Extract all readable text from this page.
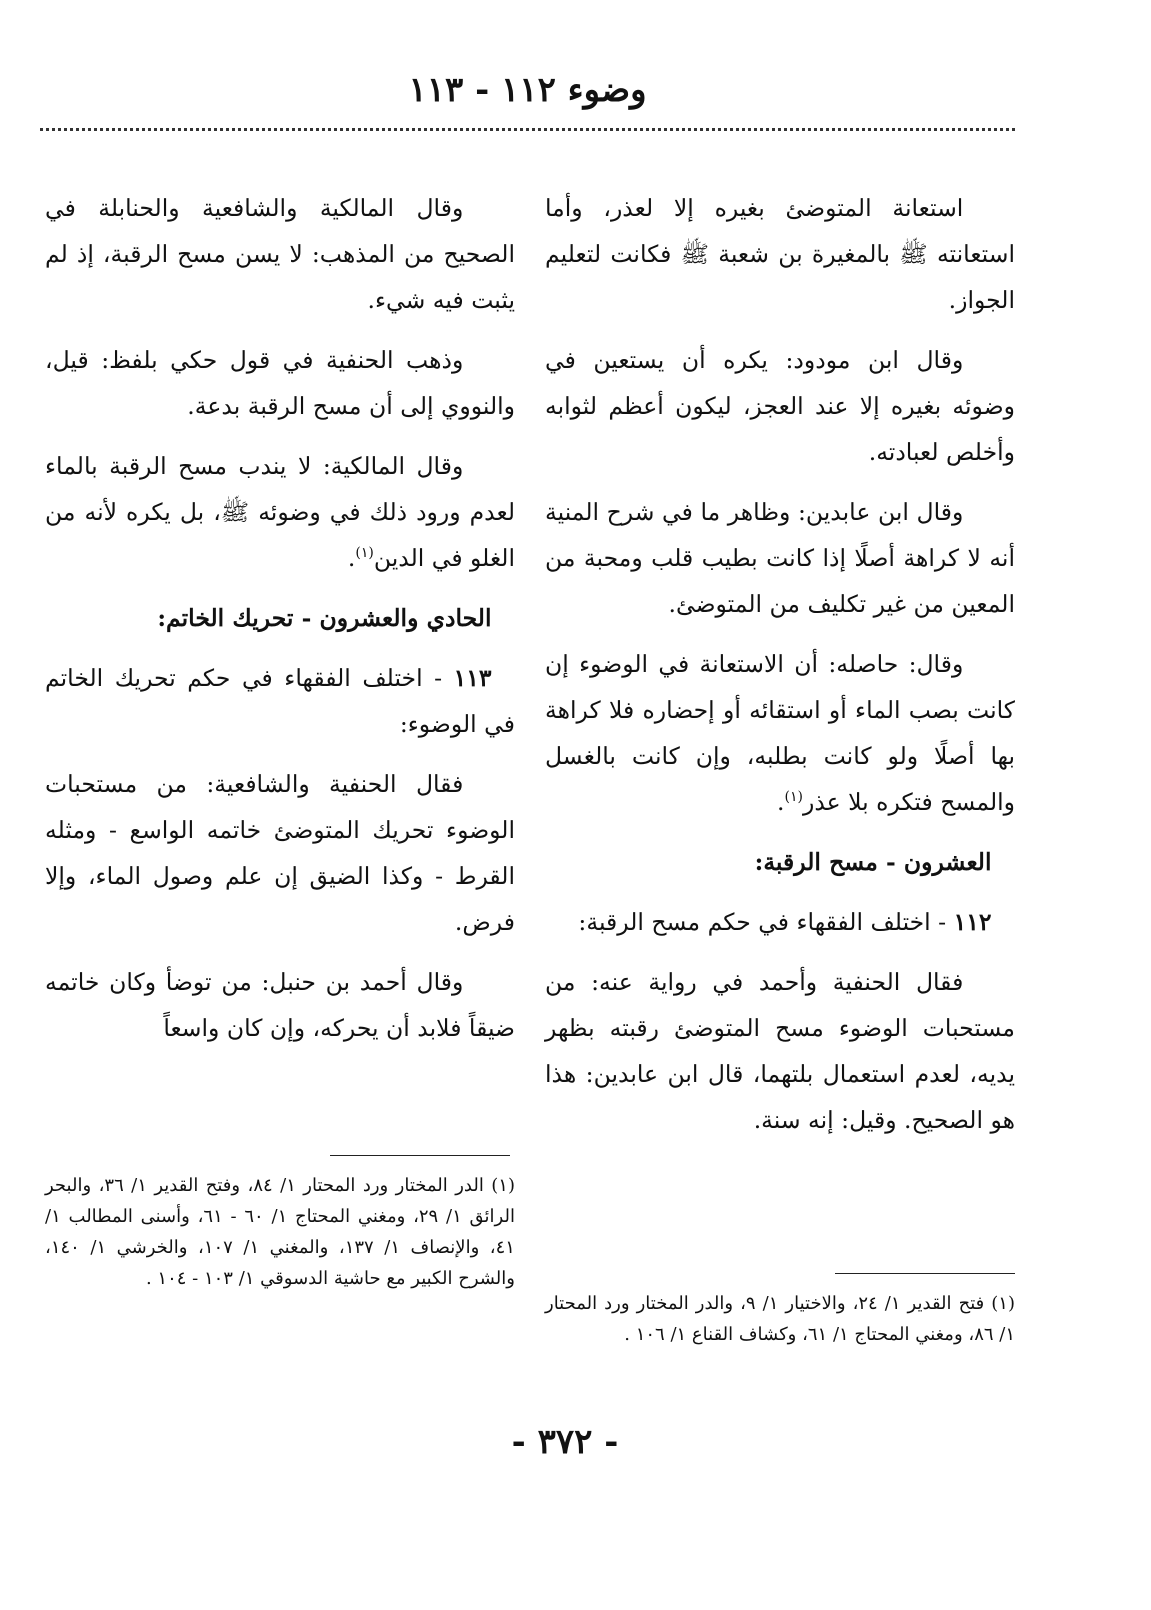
وضوء ١١٢ - ١١٣

استعانة المتوضئ بغيره إلا لعذر، وأما استعانته ﷺ بالمغيرة بن شعبة ﷺ فكانت لتعليم الجواز.

وقال ابن مودود: يكره أن يستعين في وضوئه بغيره إلا عند العجز، ليكون أعظم لثوابه وأخلص لعبادته.

وقال ابن عابدين: وظاهر ما في شرح المنية أنه لا كراهة أصلًا إذا كانت بطيب قلب ومحبة من المعين من غير تكليف من المتوضئ.

وقال: حاصله: أن الاستعانة في الوضوء إن كانت بصب الماء أو استقائه أو إحضاره فلا كراهة بها أصلًا ولو كانت بطلبه، وإن كانت بالغسل والمسح فتكره بلا عذر$^{(١)}$.

العشرون - مسح الرقبة:

١١٢ - اختلف الفقهاء في حكم مسح الرقبة:

فقال الحنفية وأحمد في رواية عنه: من مستحبات الوضوء مسح المتوضئ رقبته بظهر يديه، لعدم استعمال بلتهما، قال ابن عابدين: هذا هو الصحيح. وقيل: إنه سنة.

وقال المالكية والشافعية والحنابلة في الصحيح من المذهب: لا يسن مسح الرقبة، إذ لم يثبت فيه شيء.

وذهب الحنفية في قول حكي بلفظ: قيل، والنووي إلى أن مسح الرقبة بدعة.

وقال المالكية: لا يندب مسح الرقبة بالماء لعدم ورود ذلك في وضوئه ﷺ، بل يكره لأنه من الغلو في الدين$^{(١)}$.

الحادي والعشرون - تحريك الخاتم:

١١٣ - اختلف الفقهاء في حكم تحريك الخاتم في الوضوء:

فقال الحنفية والشافعية: من مستحبات الوضوء تحريك المتوضئ خاتمه الواسع - ومثله القرط - وكذا الضيق إن علم وصول الماء، وإلا فرض.

وقال أحمد بن حنبل: من توضأ وكان خاتمه ضيقاً فلابد أن يحركه، وإن كان واسعاً

(١) الدر المختار ورد المحتار ١/ ٨٤، وفتح القدير ١/ ٣٦، والبحر الرائق ١/ ٢٩، ومغني المحتاج ١/ ٦٠ - ٦١، وأسنى المطالب ١/ ٤١، والإنصاف ١/ ١٣٧، والمغني ١/ ١٠٧، والخرشي ١/ ١٤٠، والشرح الكبير مع حاشية الدسوقي ١/ ١٠٣ - ١٠٤ .
(١) فتح القدير ١/ ٢٤، والاختيار ١/ ٩، والدر المختار ورد المحتار ١/ ٨٦، ومغني المحتاج ١/ ٦١، وكشاف القناع ١/ ١٠٦ .
- ٣٧٢ -
